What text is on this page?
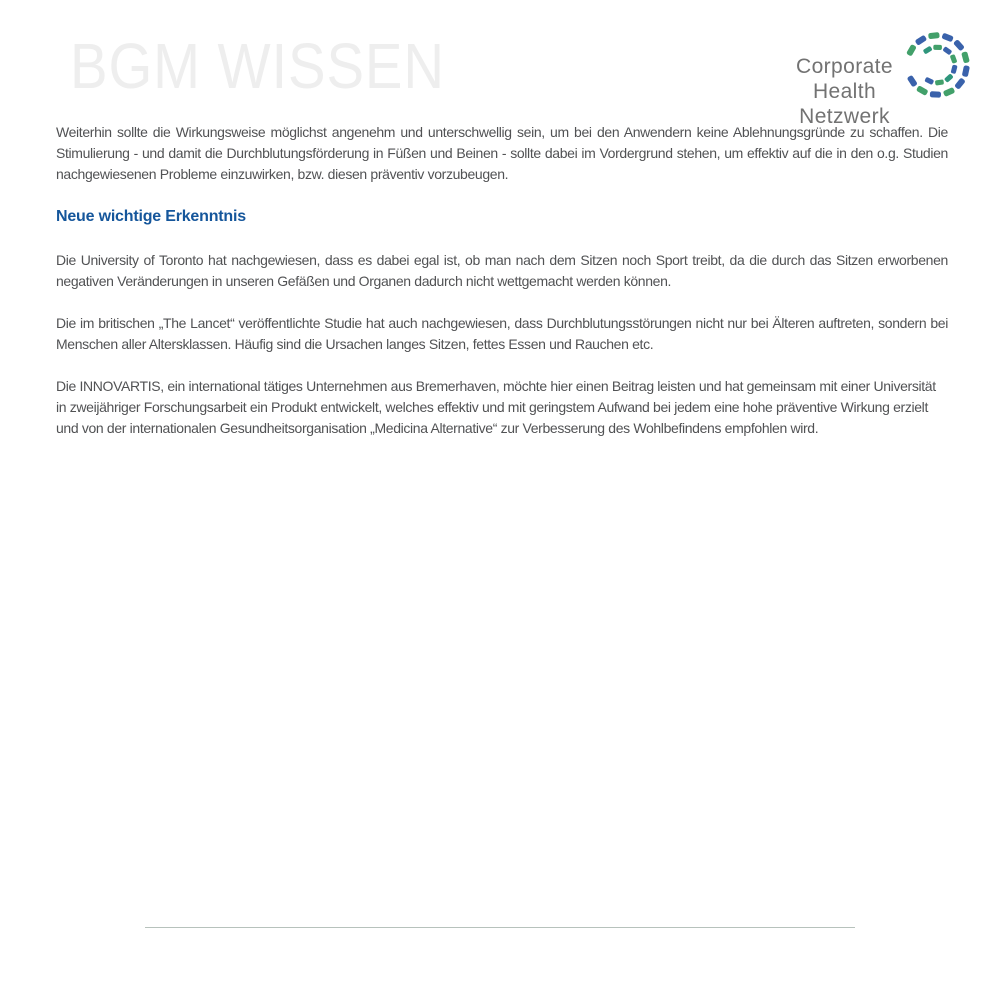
BGM WISSEN	Corporate Health
Netzwerk

Weiterhin sollte die Wirkungsweise möglichst angenehm und unterschwellig sein, um bei den Anwendern keine Ablehnungsgründe zu schaffen. Die Stimulierung - und damit die Durchblutungsförderung in Füßen und Beinen - sollte dabei im Vordergrund stehen, um effektiv auf die in den o.g. Studien nachgewiesenen Probleme einzuwirken, bzw. diesen präventiv vorzubeugen.

Neue wichtige Erkenntnis

Die University of Toronto hat nachgewiesen, dass es dabei egal ist, ob man nach dem Sitzen noch Sport treibt, da die durch das Sitzen erworbenen negativen Veränderungen in unseren Gefäßen und Organen dadurch nicht wettgemacht werden können.

Die im britischen „The Lancet“ veröffentlichte Studie hat auch nachgewiesen, dass Durchblutungsstörungen nicht nur bei Älteren auftreten, sondern bei Menschen aller Altersklassen. Häufig sind die Ursachen langes Sitzen, fettes Essen und Rauchen etc.

Die INNOVARTIS, ein international tätiges Unternehmen aus Bremerhaven, möchte hier einen Beitrag leisten und hat gemeinsam mit einer Universität in zweijähriger Forschungsarbeit ein Produkt entwickelt, welches effektiv und mit geringstem Aufwand bei jedem eine hohe präventive Wirkung erzielt und von der internationalen Gesundheitsorganisation „Medicina Alternative“ zur Verbesserung des Wohlbefindens empfohlen wird.
